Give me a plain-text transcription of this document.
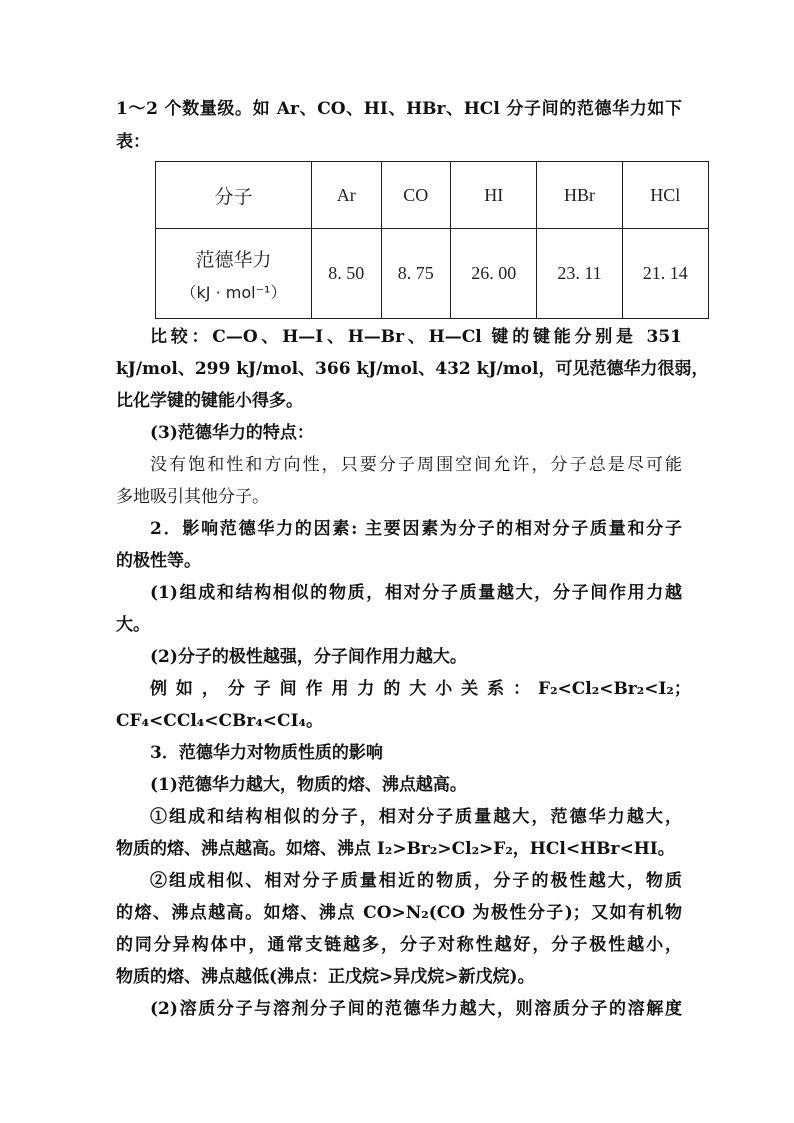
1～2 个数量级。如 Ar、CO、HI、HBr、HCl 分子间的范德华力如下
表：
分子	Ar	CO	HI	HBr	HCl

范德华力
（kJ · mol⁻¹）	8. 50	8. 75	26. 00	23. 11	21. 14
比较：C—O、H—I、H—Br、H—Cl 键的键能分别是 351
kJ/mol、299 kJ/mol、366 kJ/mol、432 kJ/mol，可见范德华力很弱，
比化学键的键能小得多。
(3)范德华力的特点：
没有饱和性和方向性，只要分子周围空间允许，分子总是尽可能
多地吸引其他分子。
2．影响范德华力的因素: 主要因素为分子的相对分子质量和分子
的极性等。
(1)组成和结构相似的物质，相对分子质量越大，分子间作用力越
大。
(2)分子的极性越强，分子间作用力越大。
例 如 ， 分 子 间 作 用 力 的 大 小 关 系 ： F₂<Cl₂<Br₂<I₂；
CF₄<CCl₄<CBr₄<CI₄。
3．范德华力对物质性质的影响
(1)范德华力越大，物质的熔、沸点越高。
①组成和结构相似的分子，相对分子质量越大，范德华力越大，
物质的熔、沸点越高。如熔、沸点 I₂>Br₂>Cl₂>F₂，HCl<HBr<HI。
②组成相似、相对分子质量相近的物质，分子的极性越大，物质
的熔、沸点越高。如熔、沸点 CO>N₂(CO 为极性分子)；又如有机物
的同分异构体中，通常支链越多，分子对称性越好，分子极性越小，
物质的熔、沸点越低(沸点：正戊烷>异戊烷>新戊烷)。
(2)溶质分子与溶剂分子间的范德华力越大，则溶质分子的溶解度
